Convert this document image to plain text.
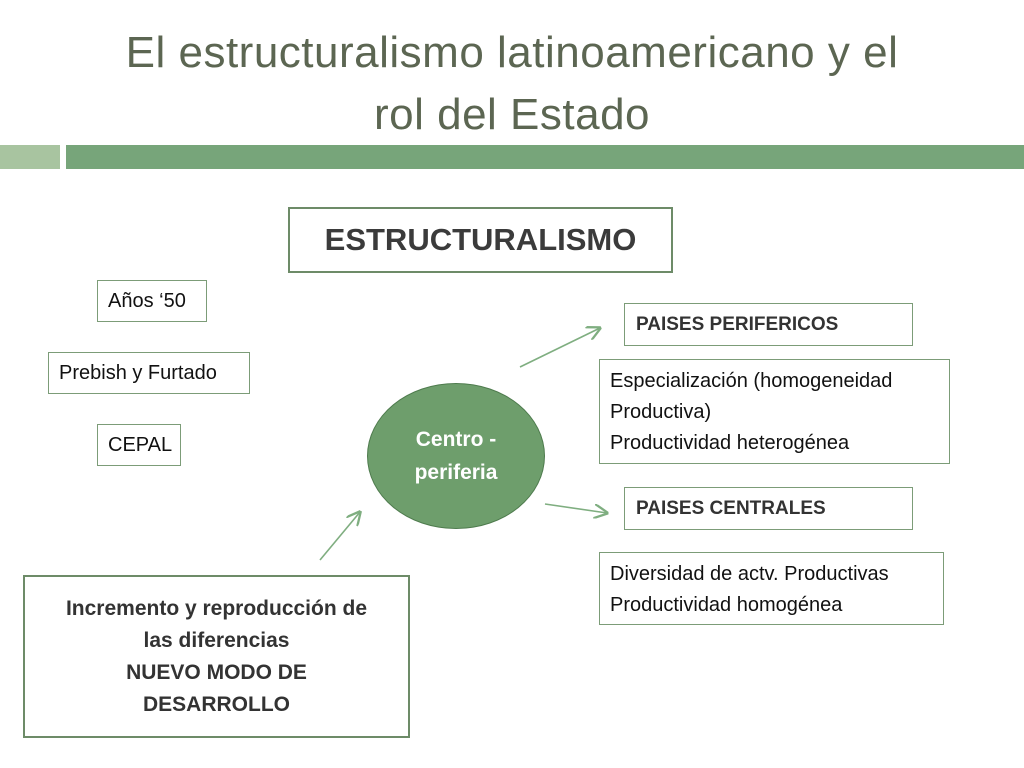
El estructuralismo latinoamericano y el
rol del Estado
ESTRUCTURALISMO
Años ‘50
Prebish y Furtado
CEPAL	Centro -
periferia
PAISES PERIFERICOS
Especialización (homogeneidad
Productiva)
Productividad heterogénea
PAISES CENTRALES
Diversidad de actv. Productivas
Productividad homogénea
Incremento y reproducción de
las diferencias
NUEVO MODO DE
DESARROLLO
